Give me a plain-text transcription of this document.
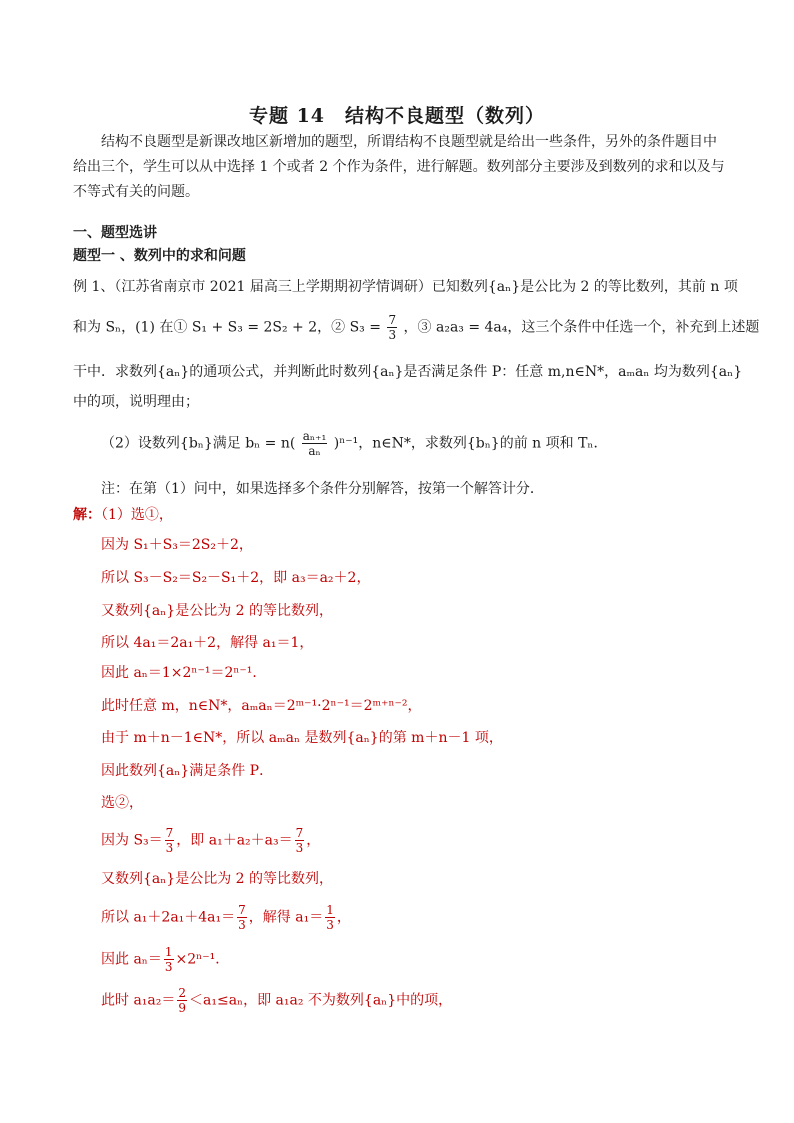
专题 14　结构不良题型（数列）
结构不良题型是新课改地区新增加的题型，所谓结构不良题型就是给出一些条件，另外的条件题目中
给出三个，学生可以从中选择 1 个或者 2 个作为条件，进行解题。数列部分主要涉及到数列的求和以及与
不等式有关的问题。
一、题型选讲
题型一 、数列中的求和问题
例 1、（江苏省南京市 2021 届高三上学期期初学情调研）已知数列{aₙ}是公比为 2 的等比数列，其前 n 项
和为 Sₙ，(1) 在① S₁ + S₃ = 2S₂ + 2，② $S_3 = \frac{7}{3}$ ，③ a₂a₃ = 4a₄，这三个条件中任选一个，补充到上述题
干中．求数列{aₙ}的通项公式，并判断此时数列{aₙ}是否满足条件 P：任意 m,n∈N*，aₘaₙ 均为数列{aₙ}
中的项，说明理由；
（2）设数列{bₙ}满足 $b_n = n( \frac{\text{aₙ₊₁}}{\text{aₙ}} )^{n-1}$，n∈N*，求数列{bₙ}的前 n 项和 Tₙ．
注：在第（1）问中，如果选择多个条件分别解答，按第一个解答计分．
解：（1）选①，
因为 S₁＋S₃＝2S₂＋2，
所以 S₃－S₂＝S₂－S₁＋2，即 a₃＝a₂＋2，
又数列{aₙ}是公比为 2 的等比数列，
所以 4a₁＝2a₁＋2，解得 a₁＝1，
因此 aₙ＝1×2ⁿ⁻¹＝2ⁿ⁻¹．
此时任意 m，n∈N*，aₘaₙ＝2ᵐ⁻¹·2ⁿ⁻¹＝2ᵐ⁺ⁿ⁻²，
由于 m＋n－1∈N*，所以 aₘaₙ 是数列{aₙ}的第 m＋n－1 项，
因此数列{aₙ}满足条件 P．
选②，
因为 $S_3= \frac{7}{3}$ ，即 $a_1+a_2+a_3= \frac{7}{3}$ ，
又数列{aₙ}是公比为 2 的等比数列，
所以 $a_1+2a_1+4a_1= \frac{7}{3}$ ，解得 $a_1= \frac{1}{3}$ ，
因此 $a_n= \frac{1}{3} \times 2^{n-1}$．
此时 $a_1a_2= \frac{2}{9} <a_1\le a_n$，即 a₁a₂ 不为数列{aₙ}中的项，
